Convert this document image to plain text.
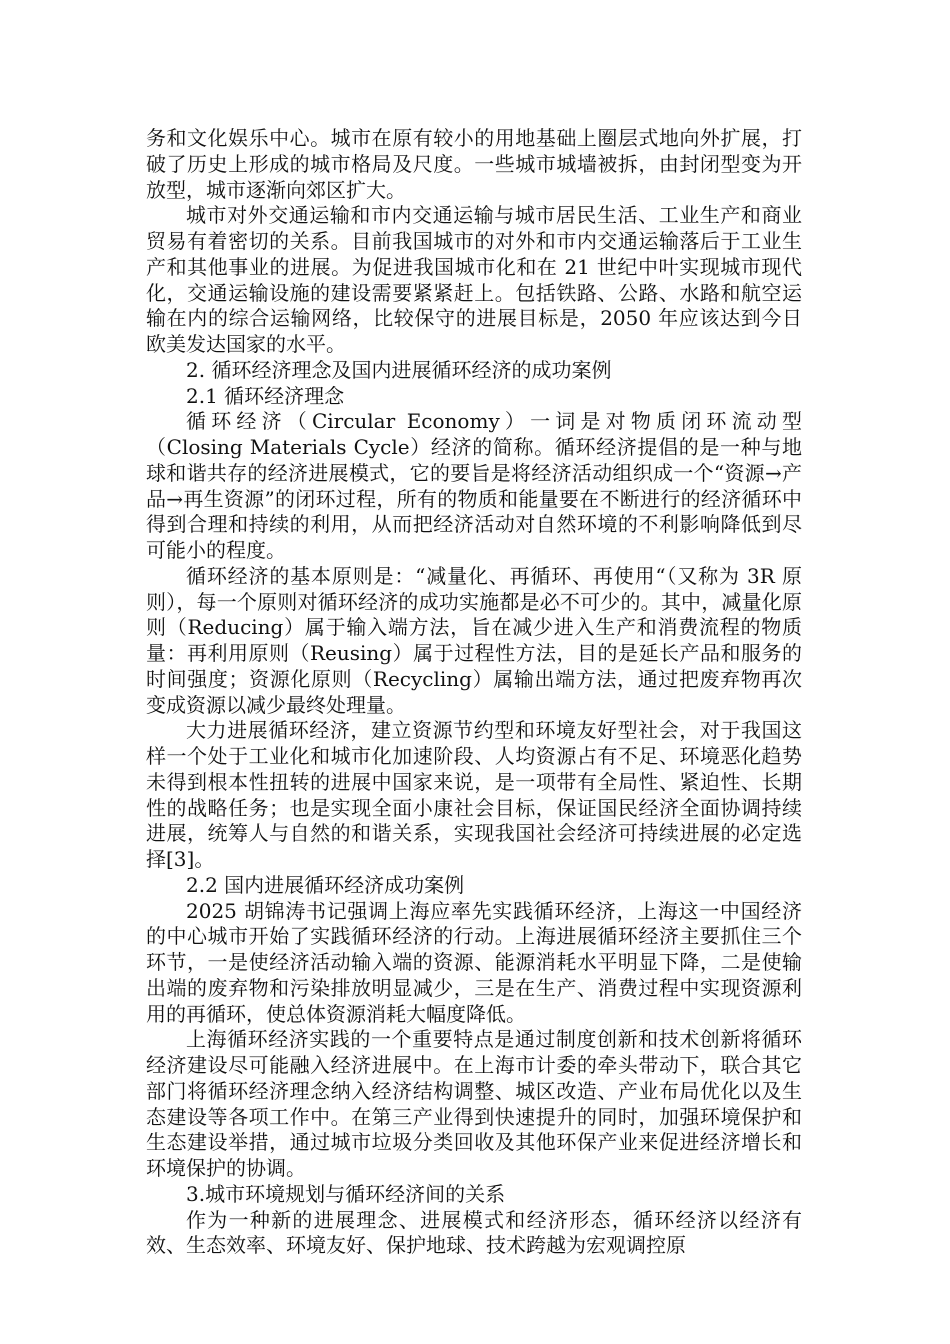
务和文化娱乐中心。城市在原有较小的用地基础上圈层式地向外扩展，打破了历史上形成的城市格局及尺度。一些城市城墙被拆，由封闭型变为开放型，城市逐渐向郊区扩大。

城市对外交通运输和市内交通运输与城市居民生活、工业生产和商业贸易有着密切的关系。目前我国城市的对外和市内交通运输落后于工业生产和其他事业的进展。为促进我国城市化和在 21 世纪中叶实现城市现代化，交通运输设施的建设需要紧紧赶上。包括铁路、公路、水路和航空运输在内的综合运输网络，比较保守的进展目标是，2050 年应该达到今日欧美发达国家的水平。

2. 循环经济理念及国内进展循环经济的成功案例

2.1 循环经济理念

循环经济（Circular Economy）一词是对物质闭环流动型（Closing Materials Cycle）经济的简称。循环经济提倡的是一种与地球和谐共存的经济进展模式，它的要旨是将经济活动组织成一个“资源→产品→再生资源”的闭环过程，所有的物质和能量要在不断进行的经济循环中得到合理和持续的利用，从而把经济活动对自然环境的不利影响降低到尽可能小的程度。

循环经济的基本原则是：“减量化、再循环、再使用“（又称为 3R 原则），每一个原则对循环经济的成功实施都是必不可少的。其中，减量化原则（Reducing）属于输入端方法，旨在减少进入生产和消费流程的物质量：再利用原则（Reusing）属于过程性方法，目的是延长产品和服务的时间强度；资源化原则（Recycling）属输出端方法，通过把废弃物再次变成资源以减少最终处理量。

大力进展循环经济，建立资源节约型和环境友好型社会，对于我国这样一个处于工业化和城市化加速阶段、人均资源占有不足、环境恶化趋势未得到根本性扭转的进展中国家来说，是一项带有全局性、紧迫性、长期性的战略任务；也是实现全面小康社会目标，保证国民经济全面协调持续进展，统筹人与自然的和谐关系，实现我国社会经济可持续进展的必定选择[3]。

2.2 国内进展循环经济成功案例

2025 胡锦涛书记强调上海应率先实践循环经济，上海这一中国经济的中心城市开始了实践循环经济的行动。上海进展循环经济主要抓住三个环节，一是使经济活动输入端的资源、能源消耗水平明显下降，二是使输出端的废弃物和污染排放明显减少，三是在生产、消费过程中实现资源利用的再循环，使总体资源消耗大幅度降低。

上海循环经济实践的一个重要特点是通过制度创新和技术创新将循环经济建设尽可能融入经济进展中。在上海市计委的牵头带动下，联合其它部门将循环经济理念纳入经济结构调整、城区改造、产业布局优化以及生态建设等各项工作中。在第三产业得到快速提升的同时，加强环境保护和生态建设举措，通过城市垃圾分类回收及其他环保产业来促进经济增长和环境保护的协调。

3.城市环境规划与循环经济间的关系

作为一种新的进展理念、进展模式和经济形态，循环经济以经济有效、生态效率、环境友好、保护地球、技术跨越为宏观调控原
